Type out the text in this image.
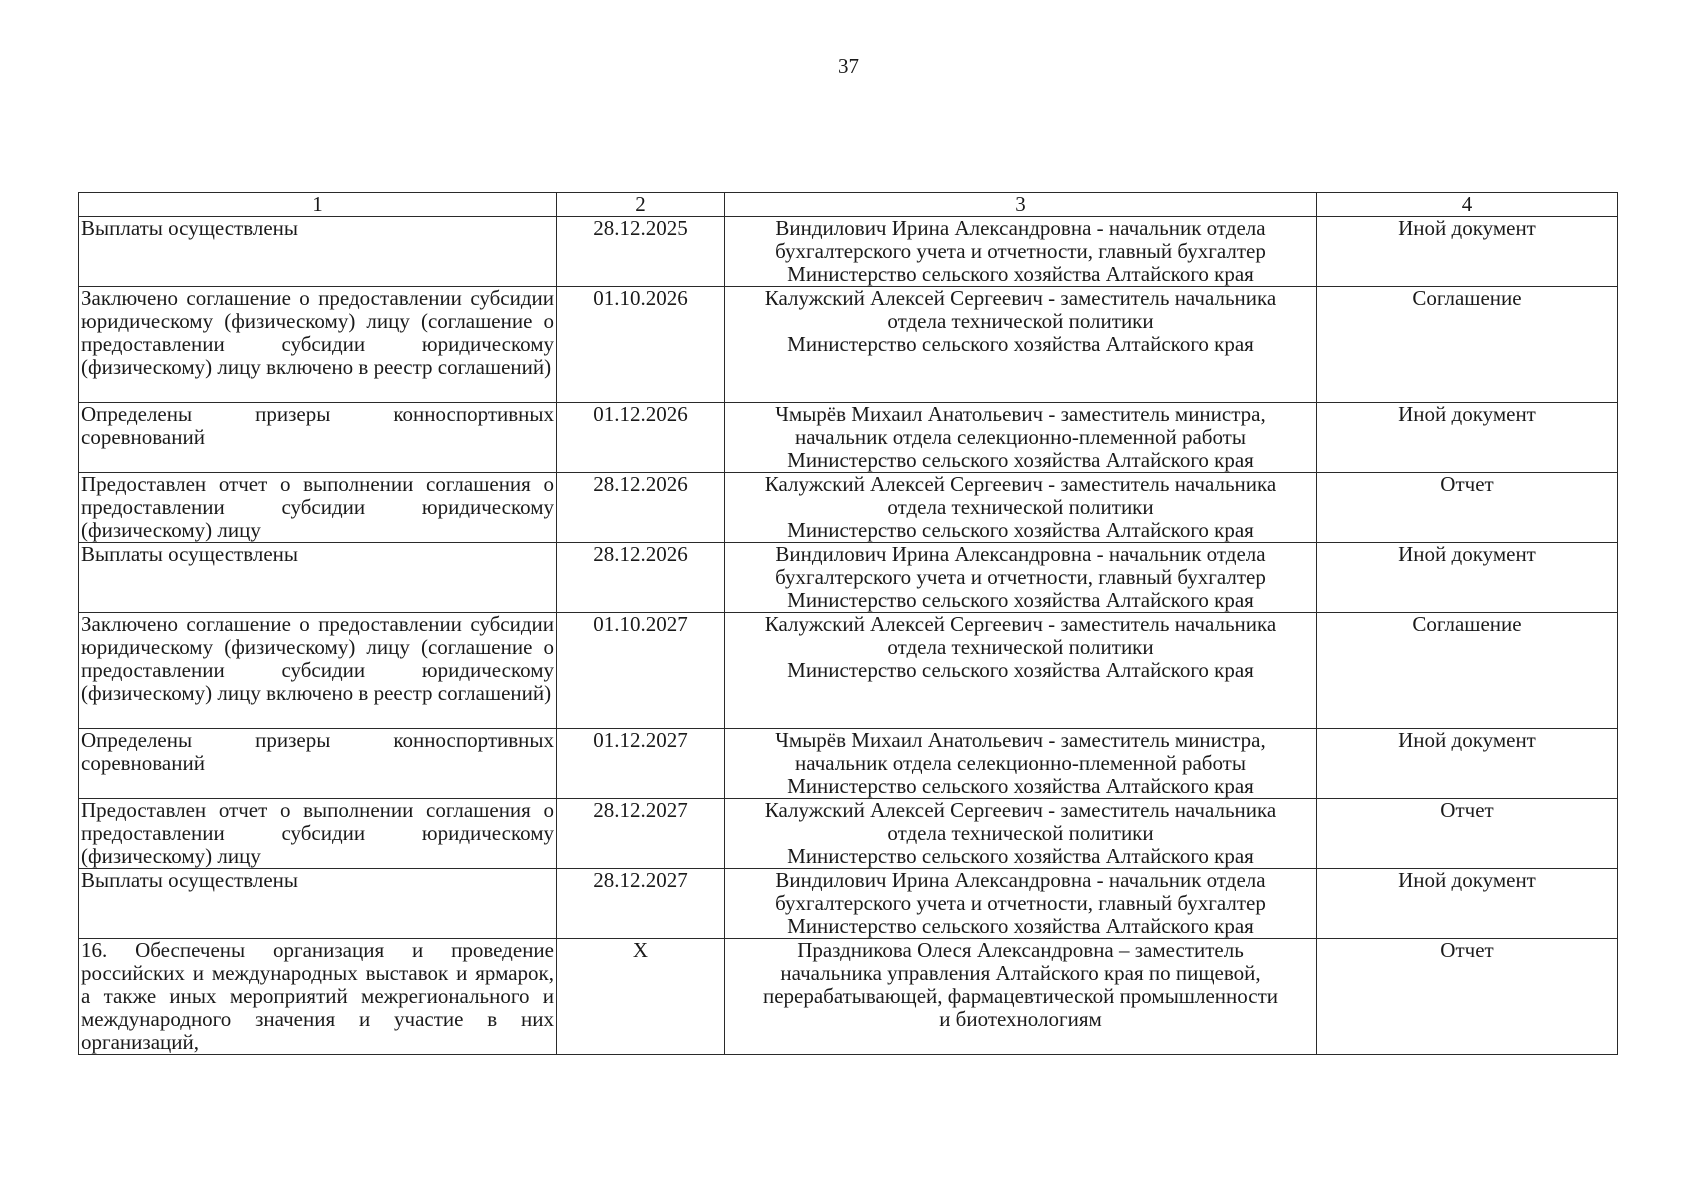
37
1	2	3	4
Выплаты осуществлены	28.12.2025	Виндилович Ирина Александровна - начальник отдела
бухгалтерского учета и отчетности, главный бухгалтер
Министерство сельского хозяйства Алтайского края	Иной документ
Заключено соглашение о предоставлении субсидии юридическому (физическому) лицу (соглашение о предоставлении субсидии юридическому (физическому) лицу включено в реестр соглашений)	01.10.2026	Калужский Алексей Сергеевич - заместитель начальника
отдела технической политики
Министерство сельского хозяйства Алтайского края	Соглашение
Определены призеры конноспортивных соревнований	01.12.2026	Чмырёв Михаил Анатольевич - заместитель министра,
начальник отдела селекционно-племенной работы
Министерство сельского хозяйства Алтайского края	Иной документ
Предоставлен отчет о выполнении соглашения о предоставлении субсидии юридическому (физическому) лицу	28.12.2026	Калужский Алексей Сергеевич - заместитель начальника
отдела технической политики
Министерство сельского хозяйства Алтайского края	Отчет
Выплаты осуществлены	28.12.2026	Виндилович Ирина Александровна - начальник отдела
бухгалтерского учета и отчетности, главный бухгалтер
Министерство сельского хозяйства Алтайского края	Иной документ
Заключено соглашение о предоставлении субсидии юридическому (физическому) лицу (соглашение о предоставлении субсидии юридическому (физическому) лицу включено в реестр соглашений)	01.10.2027	Калужский Алексей Сергеевич - заместитель начальника
отдела технической политики
Министерство сельского хозяйства Алтайского края	Соглашение
Определены призеры конноспортивных соревнований	01.12.2027	Чмырёв Михаил Анатольевич - заместитель министра,
начальник отдела селекционно-племенной работы
Министерство сельского хозяйства Алтайского края	Иной документ
Предоставлен отчет о выполнении соглашения о предоставлении субсидии юридическому (физическому) лицу	28.12.2027	Калужский Алексей Сергеевич - заместитель начальника
отдела технической политики
Министерство сельского хозяйства Алтайского края	Отчет
Выплаты осуществлены	28.12.2027	Виндилович Ирина Александровна - начальник отдела
бухгалтерского учета и отчетности, главный бухгалтер
Министерство сельского хозяйства Алтайского края	Иной документ
16. Обеспечены организация и проведение российских и международных выставок и ярмарок, а также иных мероприятий межрегионального и международного значения и участие в них организаций,	X	Праздникова Олеся Александровна – заместитель
начальника управления Алтайского края по пищевой,
перерабатывающей, фармацевтической промышленности
и биотехнологиям	Отчет
